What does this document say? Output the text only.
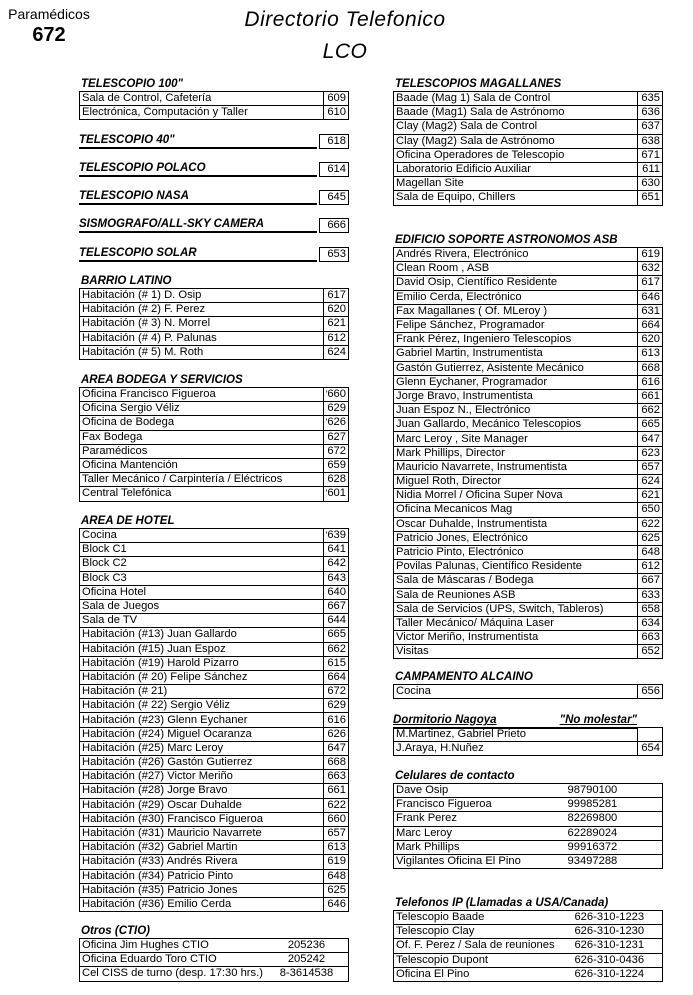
Paramédicos
672
Directorio Telefonico
LCO
TELESCOPIO 100"
Sala de Control, Cafetería	609
Electrónica, Computación y Taller	610
TELESCOPIO 40"	618
TELESCOPIO POLACO	614
TELESCOPIO NASA	645
SISMOGRAFO/ALL-SKY CAMERA	666
TELESCOPIO SOLAR	653
BARRIO LATINO
Habitación (# 1) D. Osip	617
Habitación (# 2) F. Perez	620
Habitación (# 3) N. Morrel	621
Habitación (# 4) P. Palunas	612
Habitación (# 5) M. Roth	624
AREA BODEGA Y SERVICIOS
Oficina Francisco Figueroa	' 660
Oficina Sergio Véliz	629
Oficina de Bodega	' 626
Fax Bodega	627
Paramédicos	672
Oficina Mantención	659
Taller Mecánico / Carpintería / Eléctricos	628
Central Telefónica	' 601
AREA DE HOTEL
Cocina	' 639
Block C1	641
Block C2	642
Block C3	643
Oficina Hotel	640
Sala de Juegos	667
Sala de TV	644
Habitación (#13) Juan Gallardo	665
Habitación (#15) Juan Espoz	662
Habitación (#19) Harold Pizarro	615
Habitación (# 20) Felipe Sánchez	664
Habitación (# 21)	672
Habitación (# 22) Sergio Véliz	629
Habitación (#23) Glenn Eychaner	616
Habitación (#24) Miguel Ocaranza	626
Habitación (#25) Marc Leroy	647
Habitación (#26) Gastón Gutierrez	668
Habitación (#27) Victor Meriño	663
Habitación (#28) Jorge Bravo	661
Habitación (#29) Oscar Duhalde	622
Habitación (#30) Francisco Figueroa	660
Habitación (#31) Mauricio Navarrete	657
Habitación (#32) Gabriel Martin	613
Habitación (#33) Andrés Rivera	619
Habitación (#34) Patricio Pinto	648
Habitación (#35) Patricio Jones	625
Habitación (#36) Emilio Cerda	646
Otros (CTIO)
Oficina Jim Hughes CTIO	205236
Oficina Eduardo Toro CTIO	205242
Cel CISS de turno (desp. 17:30 hrs.)	8-3614538
TELESCOPIOS MAGALLANES
Baade (Mag 1) Sala de Control	635
Baade (Mag1) Sala de Astrónomo	636
Clay (Mag2) Sala de Control	637
Clay (Mag2) Sala de Astrónomo	638
Oficina Operadores de Telescopio	671
Laboratorio Edificio Auxiliar	611
Magellan Site	630
Sala de Equipo, Chillers	651
EDIFICIO SOPORTE ASTRONOMOS ASB
Andrés Rivera, Electrónico	619
Clean Room , ASB	632
David Osip, Científico Residente	617
Emilio Cerda, Electrónico	646
Fax Magallanes ( Of. MLeroy )	631
Felipe Sánchez, Programador	664
Frank Pérez, Ingeniero Telescopios	620
Gabriel Martin, Instrumentista	613
Gastón Gutierrez, Asistente Mecánico	668
Glenn Eychaner, Programador	616
Jorge Bravo, Instrumentista	661
Juan Espoz N., Electrónico	662
Juan Gallardo, Mecánico Telescopios	665
Marc Leroy , Site Manager	647
Mark Phillips, Director	623
Mauricio Navarrete, Instrumentista	657
Miguel Roth, Director	624
Nidia Morrel / Oficina Super Nova	621
Oficina Mecanicos Mag	650
Oscar Duhalde, Instrumentista	622
Patricio Jones, Electrónico	625
Patricio Pinto, Electrónico	648
Povilas Palunas, Científico Residente	612
Sala de Máscaras / Bodega	667
Sala de Reuniones ASB	633
Sala de Servicios (UPS, Switch, Tableros)	658
Taller Mecánico/ Máquina Laser	634
Victor Meriño, Instrumentista	663
Visitas	652
CAMPAMENTO ALCAINO
Cocina	656
Dormitorio Nagoya	"No molestar"
M.Martinez, Gabriel Prieto	
J.Araya, H.Nuñez	654
Celulares de contacto
Dave Osip	98790100
Francisco Figueroa	99985281
Frank Perez	82269800
Marc Leroy	62289024
Mark Phillips	99916372
Vigilantes Oficina El Pino	93497288
Telefonos IP (Llamadas a USA/Canada)
Telescopio Baade	626-310-1223
Telescopio Clay	626-310-1230
Of. F. Perez / Sala de reuniones	626-310-1231
Telescopio Dupont	626-310-0436
Oficina El Pino	626-310-1224
